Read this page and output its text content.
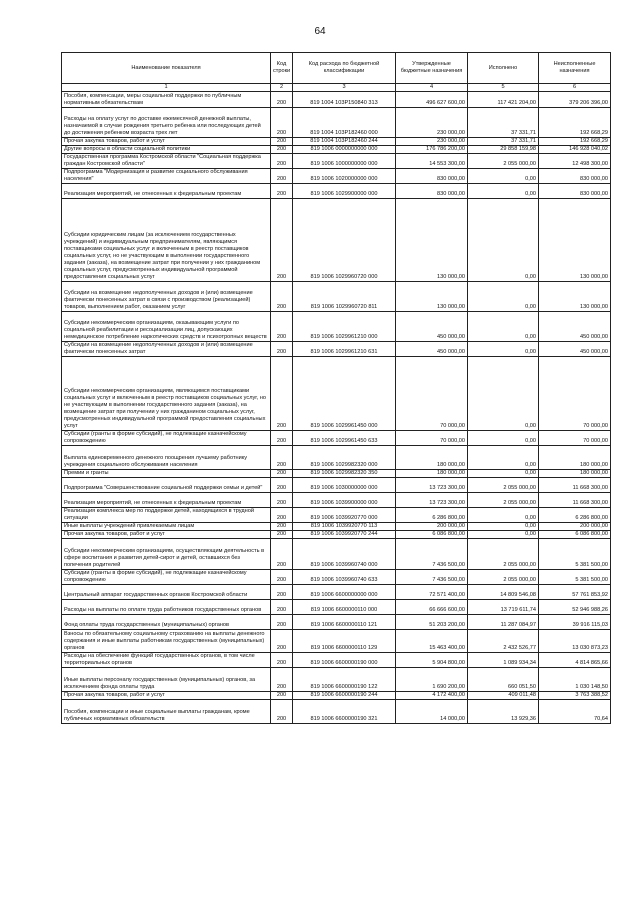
64
Наименование показателя	Код строки	Код расхода по бюджетной классификации	Утвержденные бюджетные назначения	Исполнено	Неисполненные назначения
1	2	3	4	5	6
Пособия, компенсации, меры социальной поддержки по публичным нормативным обязательствам	200	819 1004 103P150840 313	496 627 600,00	117 421 204,00	379 206 396,00
Расходы на оплату услуг по доставке ежемесячной денежной выплаты, назначаемой в случае рождения третьего ребенка или последующих детей до достижения ребенком возраста трех лет	200	819 1004 103P182460 000	230 000,00	37 331,71	192 668,29
Прочая закупка товаров, работ и услуг	200	819 1004 103P182460 244	230 000,00	37 331,71	192 668,29
Другие вопросы в области социальной политики	200	819 1006 0000000000 000	176 786 200,00	29 858 159,98	146 928 040,02
Государственная программа Костромской области "Социальная поддержка граждан Костромской области"	200	819 1006 1000000000 000	14 553 300,00	2 055 000,00	12 498 300,00
Подпрограмма "Модернизация и развитие социального обслуживания населения"	200	819 1006 1020000000 000	830 000,00	0,00	830 000,00
Реализация мероприятий, не отнесенных к федеральным проектам	200	819 1006 1029900000 000	830 000,00	0,00	830 000,00
Субсидии юридическим лицам (за исключением государственных учреждений) и индивидуальным предпринимателям, являющимся поставщиками социальных услуг и включенным в реестр поставщиков социальных услуг, но не участвующим в выполнении государственного задания (заказа), на возмещение затрат при получении у них гражданином социальных услуг, предусмотренных индивидуальной программой предоставления социальных услуг	200	819 1006 1029960720 000	130 000,00	0,00	130 000,00
Субсидии на возмещение недополученных доходов и (или) возмещение фактически понесенных затрат в связи с производством (реализацией) товаров, выполнением работ, оказанием услуг	200	819 1006 1029960720 811	130 000,00	0,00	130 000,00
Субсидии некоммерческим организациям, оказывающим услуги по социальной реабилитации и ресоциализации лиц, допускающих немедицинское потребление наркотических средств и психотропных веществ	200	819 1006 1029961210 000	450 000,00	0,00	450 000,00
Субсидии на возмещение недополученных доходов и (или) возмещение фактически понесенных затрат	200	819 1006 1029961210 631	450 000,00	0,00	450 000,00
Субсидии некоммерческим организациям, являющимся поставщиками социальных услуг и включенным в реестр поставщиков социальных услуг, но не участвующим в выполнении государственного задания (заказа), на возмещение затрат при получении у них гражданином социальных услуг, предусмотренных индивидуальной программой предоставления социальных услуг	200	819 1006 1029961450 000	70 000,00	0,00	70 000,00
Субсидии (гранты в форме субсидий), не подлежащие казначейскому сопровождению	200	819 1006 1029961450 633	70 000,00	0,00	70 000,00
Выплата единовременного денежного поощрения лучшему работнику учреждения социального обслуживания населения	200	819 1006 1029982320 000	180 000,00	0,00	180 000,00
Премии и гранты	200	819 1006 1029982320 350	180 000,00	0,00	180 000,00
Подпрограмма "Совершенствование социальной поддержки семьи и детей"	200	819 1006 1030000000 000	13 723 300,00	2 055 000,00	11 668 300,00
Реализация мероприятий, не отнесенных к федеральным проектам	200	819 1006 1039900000 000	13 723 300,00	2 055 000,00	11 668 300,00
Реализация комплекса мер по поддержке детей, находящихся в трудной ситуации	200	819 1006 1039920770 000	6 286 800,00	0,00	6 286 800,00
Иные выплаты учреждений привлекаемым лицам	200	819 1006 1039920770 113	200 000,00	0,00	200 000,00
Прочая закупка товаров, работ и услуг	200	819 1006 1039920770 244	6 086 800,00	0,00	6 086 800,00
Субсидии некоммерческим организациям, осуществляющим деятельность в сфере воспитания и развития детей-сирот и детей, оставшихся без попечения родителей	200	819 1006 1039960740 000	7 436 500,00	2 055 000,00	5 381 500,00
Субсидии (гранты в форме субсидий), не подлежащие казначейскому сопровождению	200	819 1006 1039960740 633	7 436 500,00	2 055 000,00	5 381 500,00
Центральный аппарат государственных органов Костромской области	200	819 1006 6600000000 000	72 571 400,00	14 809 546,08	57 761 853,92
Расходы на выплаты по оплате труда работников государственных органов	200	819 1006 6600000110 000	66 666 600,00	13 719 611,74	52 946 988,26
Фонд оплаты труда государственных (муниципальных) органов	200	819 1006 6600000110 121	51 203 200,00	11 287 084,97	39 916 115,03
Взносы по обязательному социальному страхованию на выплаты денежного содержания и иные выплаты работникам государственных (муниципальных) органов	200	819 1006 6600000110 129	15 463 400,00	2 432 526,77	13 030 873,23
Расходы на обеспечение функций государственных органов, в том числе территориальных органов	200	819 1006 6600000190 000	5 904 800,00	1 089 934,34	4 814 865,66
Иные выплаты персоналу государственных (муниципальных) органов, за исключением фонда оплаты труда	200	819 1006 6600000190 122	1 690 200,00	660 051,50	1 030 148,50
Прочая закупка товаров, работ и услуг	200	819 1006 6600000190 244	4 172 400,00	409 011,48	3 763 388,52
Пособия, компенсации и иные социальные выплаты гражданам, кроме публичных нормативных обязательств	200	819 1006 6600000190 321	14 000,00	13 929,36	70,64
